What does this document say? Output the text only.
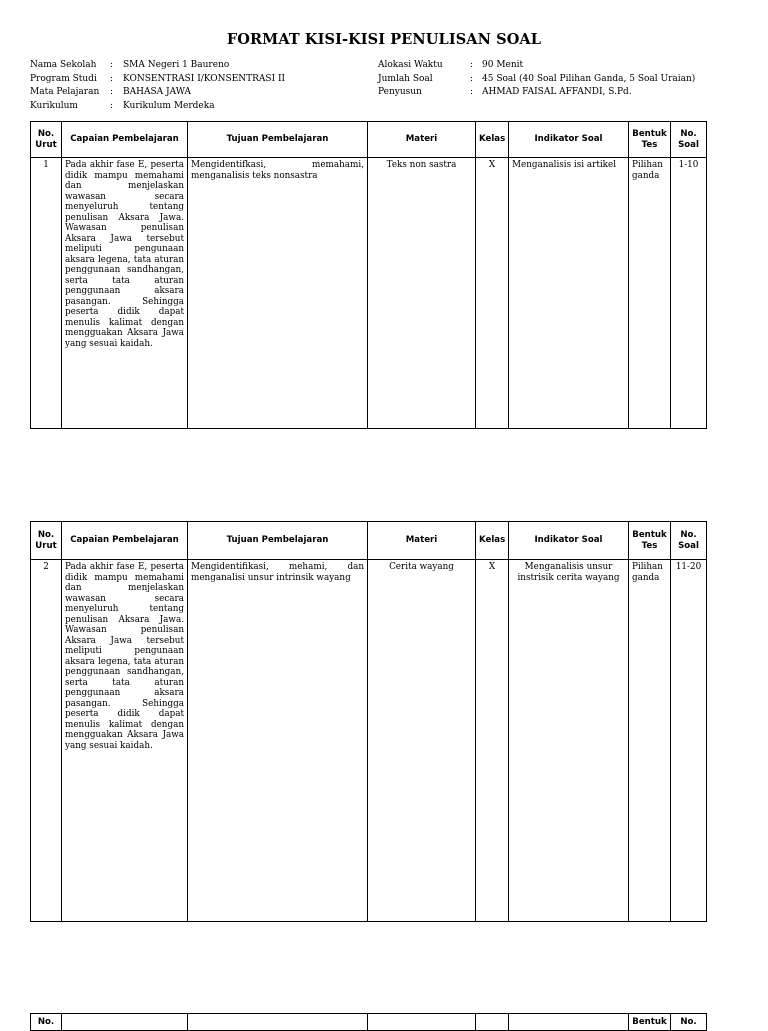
FORMAT KISI-KISI PENULISAN SOAL
Nama Sekolah	:	SMA Negeri 1 Baureno
Program Studi	:	KONSENTRASI I/KONSENTRASI II
Mata Pelajaran	:	BAHASA JAWA
Kurikulum	:	Kurikulum Merdeka
Alokasi Waktu	: 90 Menit
Jumlah Soal	: 45 Soal (40 Soal Pilihan Ganda, 5 Soal Uraian)
Penyusun	: AHMAD FAISAL AFFANDI, S.Pd.
No. Urut	Capaian Pembelajaran	Tujuan Pembelajaran	Materi	Kelas	Indikator Soal	Bentuk Tes	No. Soal
1	Pada akhir fase E, peserta didik mampu memahami dan menjelaskan wawasan secara menyeluruh tentang penulisan Aksara Jawa. Wawasan penulisan Aksara Jawa tersebut meliputi pengunaan aksara legena, tata aturan penggunaan sandhangan, serta tata aturan penggunaan aksara pasangan. Sehingga peserta didik dapat menulis kalimat dengan mengguakan Aksara Jawa yang sesuai kaidah.	Mengidentifkasi, memahami, menganalisis teks nonsastra	Teks non sastra	X	Menganalisis isi artikel	Pilihan ganda	1-10
No. Urut	Capaian Pembelajaran	Tujuan Pembelajaran	Materi	Kelas	Indikator Soal	Bentuk Tes	No. Soal
2	Pada akhir fase E, peserta didik mampu memahami dan menjelaskan wawasan secara menyeluruh tentang penulisan Aksara Jawa. Wawasan penulisan Aksara Jawa tersebut meliputi pengunaan aksara legena, tata aturan penggunaan sandhangan, serta tata aturan penggunaan aksara pasangan. Sehingga peserta didik dapat menulis kalimat dengan mengguakan Aksara Jawa yang sesuai kaidah.	Mengidentifikasi, mehami, dan menganalisi unsur intrinsik wayang	Cerita wayang	X	Menganalisis unsur instrisik cerita wayang	Pilihan ganda	11-20
No.						Bentuk	No.
